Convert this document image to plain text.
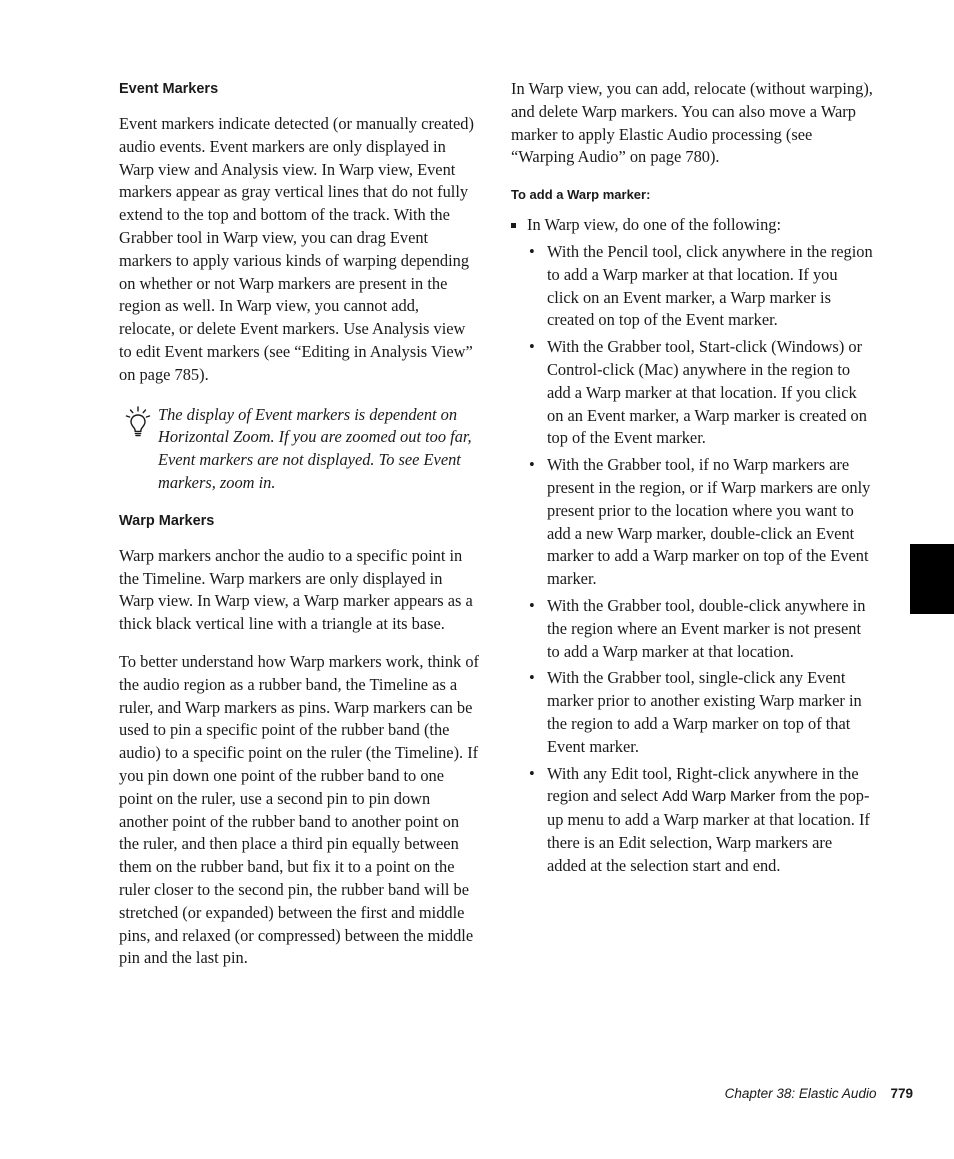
Event Markers

Event markers indicate detected (or manually created) audio events. Event markers are only displayed in Warp view and Analysis view. In Warp view, Event markers appear as gray vertical lines that do not fully extend to the top and bottom of the track. With the Grabber tool in Warp view, you can drag Event markers to apply various kinds of warping depending on whether or not Warp markers are present in the region as well. In Warp view, you cannot add, relocate, or delete Event markers. Use Analysis view to edit Event markers (see “Editing in Analysis View” on page 785).

The display of Event markers is dependent on Horizontal Zoom. If you are zoomed out too far, Event markers are not displayed. To see Event markers, zoom in.

Warp Markers

Warp markers anchor the audio to a specific point in the Timeline. Warp markers are only displayed in Warp view. In Warp view, a Warp marker appears as a thick black vertical line with a triangle at its base.

To better understand how Warp markers work, think of the audio region as a rubber band, the Timeline as a ruler, and Warp markers as pins. Warp markers can be used to pin a specific point of the rubber band (the audio) to a specific point on the ruler (the Timeline). If you pin down one point of the rubber band to one point on the ruler, use a second pin to pin down another point of the rubber band to another point on the ruler, and then place a third pin equally between them on the rubber band, but fix it to a point on the ruler closer to the second pin, the rubber band will be stretched (or expanded) between the first and middle pins, and relaxed (or compressed) between the middle pin and the last pin.

In Warp view, you can add, relocate (without warping), and delete Warp markers. You can also move a Warp marker to apply Elastic Audio processing (see “Warping Audio” on page 780).

To add a Warp marker:

In Warp view, do one of the following:

• With the Pencil tool, click anywhere in the region to add a Warp marker at that location. If you click on an Event marker, a Warp marker is created on top of the Event marker.

• With the Grabber tool, Start-click (Windows) or Control-click (Mac) anywhere in the region to add a Warp marker at that location. If you click on an Event marker, a Warp marker is created on top of the Event marker.

• With the Grabber tool, if no Warp markers are present in the region, or if Warp markers are only present prior to the location where you want to add a new Warp marker, double-click an Event marker to add a Warp marker on top of the Event marker.

• With the Grabber tool, double-click anywhere in the region where an Event marker is not present to add a Warp marker at that location.

• With the Grabber tool, single-click any Event marker prior to another existing Warp marker in the region to add a Warp marker on top of that Event marker.

• With any Edit tool, Right-click anywhere in the region and select Add Warp Marker from the pop-up menu to add a Warp marker at that location. If there is an Edit selection, Warp markers are added at the selection start and end.

Chapter 38: Elastic Audio 779
